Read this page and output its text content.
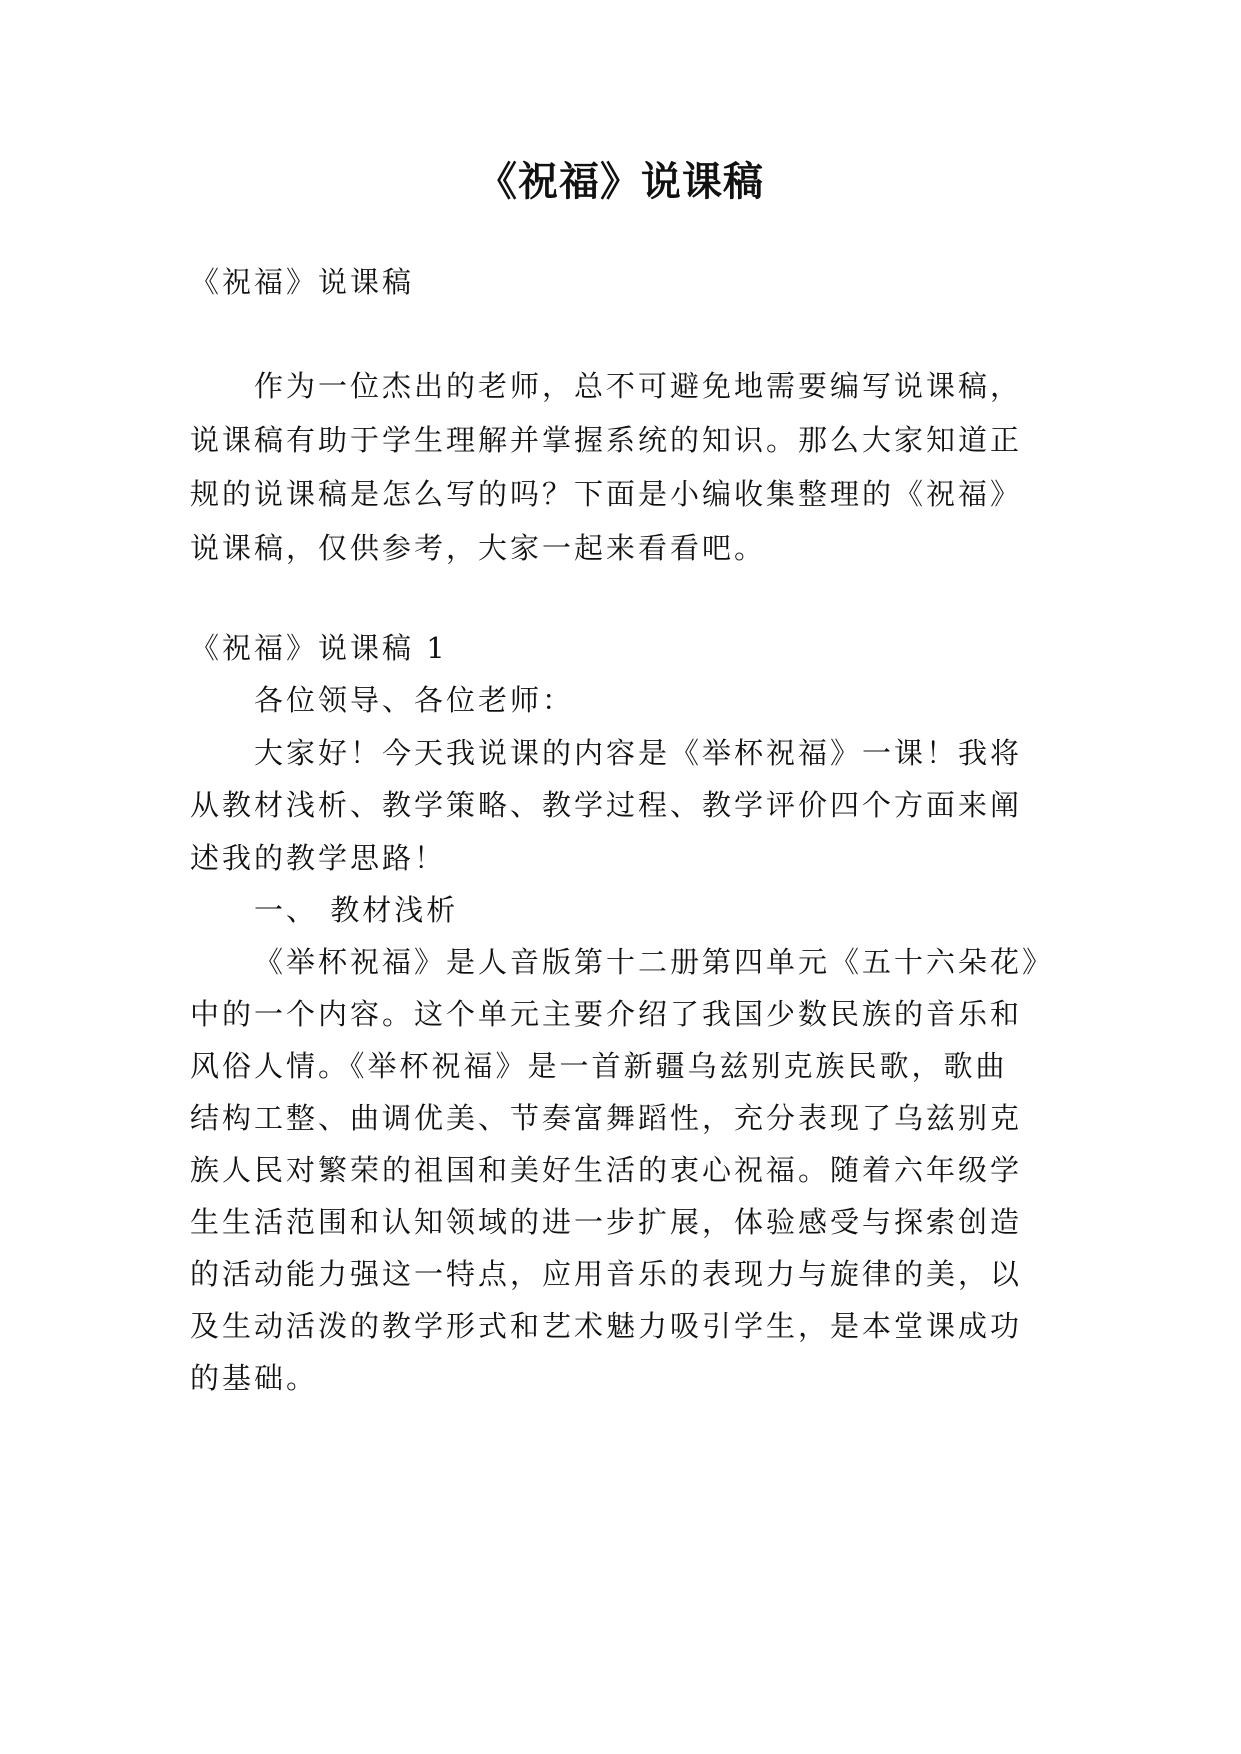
《祝福》说课稿
《祝福》说课稿
作为一位杰出的老师，总不可避免地需要编写说课稿，
说课稿有助于学生理解并掌握系统的知识。那么大家知道正
规的说课稿是怎么写的吗？下面是小编收集整理的《祝福》
说课稿，仅供参考，大家一起来看看吧。
《祝福》说课稿 1
各位领导、各位老师：
大家好！今天我说课的内容是《举杯祝福》一课！我将
从教材浅析、教学策略、教学过程、教学评价四个方面来阐
述我的教学思路！
一、 教材浅析
《举杯祝福》是人音版第十二册第四单元《五十六朵花》
中的一个内容。这个单元主要介绍了我国少数民族的音乐和
风俗人情。《举杯祝福》是一首新疆乌兹别克族民歌，歌曲
结构工整、曲调优美、节奏富舞蹈性，充分表现了乌兹别克
族人民对繁荣的祖国和美好生活的衷心祝福。随着六年级学
生生活范围和认知领域的进一步扩展，体验感受与探索创造
的活动能力强这一特点，应用音乐的表现力与旋律的美，以
及生动活泼的教学形式和艺术魅力吸引学生，是本堂课成功
的基础。
